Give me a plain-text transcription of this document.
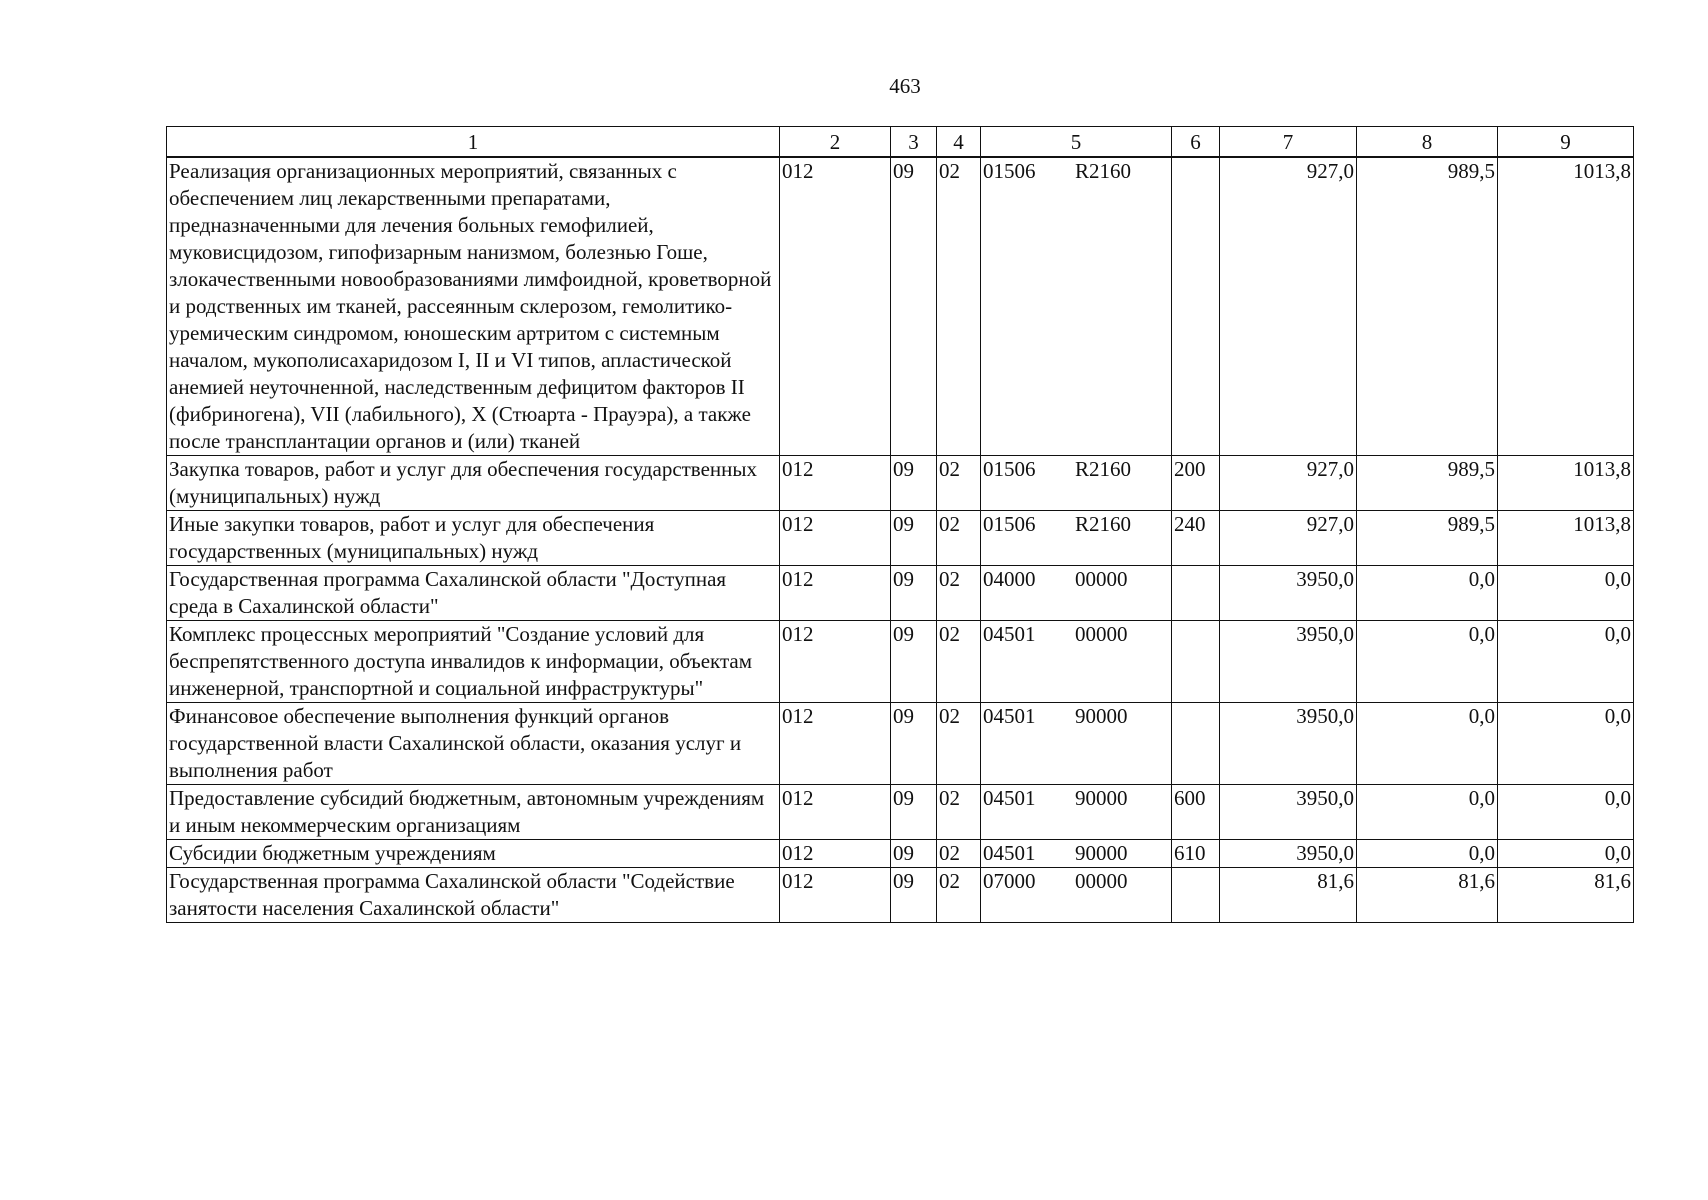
463
1	2	3	4	5	6	7	8	9
Реализация организационных мероприятий, связанных с обеспечением лиц лекарственными препаратами, предназначенными для лечения больных гемофилией, муковисцидозом, гипофизарным нанизмом, болезнью Гоше, злокачественными новообразованиями лимфоидной, кроветворной и родственных им тканей, рассеянным склерозом, гемолитико-уремическим синдромом, юношеским артритом с системным началом, мукополисахаридозом I, II и VI типов, апластической анемией неуточненной, наследственным дефицитом факторов II (фибриногена), VII (лабильного), X (Стюарта - Прауэра), а также после трансплантации органов и (или) тканей	012	09	02	01506 R2160		927,0	989,5	1013,8
Закупка товаров, работ и услуг для обеспечения государственных (муниципальных) нужд	012	09	02	01506 R2160	200	927,0	989,5	1013,8
Иные закупки товаров, работ и услуг для обеспечения государственных (муниципальных) нужд	012	09	02	01506 R2160	240	927,0	989,5	1013,8
Государственная программа Сахалинской области "Доступная среда в Сахалинской области"	012	09	02	04000 00000		3950,0	0,0	0,0
Комплекс процессных мероприятий "Создание условий для беспрепятственного доступа инвалидов к информации, объектам инженерной, транспортной и социальной инфраструктуры"	012	09	02	04501 00000		3950,0	0,0	0,0
Финансовое обеспечение выполнения функций органов государственной власти Сахалинской области, оказания услуг и выполнения работ	012	09	02	04501 90000		3950,0	0,0	0,0
Предоставление субсидий бюджетным, автономным учреждениям и иным некоммерческим организациям	012	09	02	04501 90000	600	3950,0	0,0	0,0
Субсидии бюджетным учреждениям	012	09	02	04501 90000	610	3950,0	0,0	0,0
Государственная программа Сахалинской области "Содействие занятости населения Сахалинской области"	012	09	02	07000 00000		81,6	81,6	81,6
